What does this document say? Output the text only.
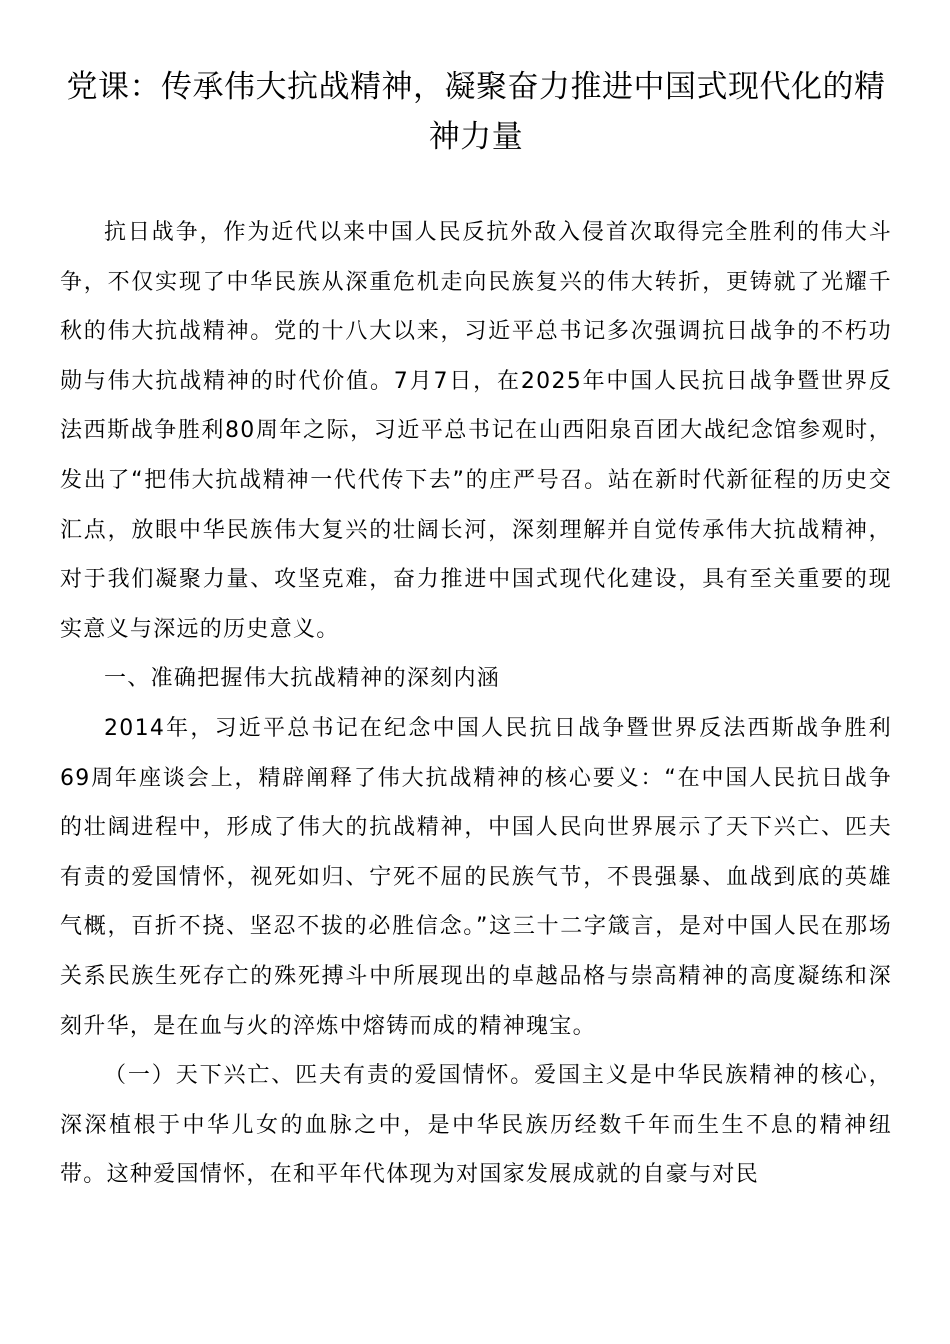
党课：传承伟大抗战精神，凝聚奋力推进中国式现代化的精神力量

抗日战争，作为近代以来中国人民反抗外敌入侵首次取得完全胜利的伟大斗争，不仅实现了中华民族从深重危机走向民族复兴的伟大转折，更铸就了光耀千秋的伟大抗战精神。党的十八大以来，习近平总书记多次强调抗日战争的不朽功勋与伟大抗战精神的时代价值。7月7日，在2025年中国人民抗日战争暨世界反法西斯战争胜利80周年之际，习近平总书记在山西阳泉百团大战纪念馆参观时，发出了“把伟大抗战精神一代代传下去”的庄严号召。站在新时代新征程的历史交汇点，放眼中华民族伟大复兴的壮阔长河，深刻理解并自觉传承伟大抗战精神，对于我们凝聚力量、攻坚克难，奋力推进中国式现代化建设，具有至关重要的现实意义与深远的历史意义。

一、准确把握伟大抗战精神的深刻内涵

2014年，习近平总书记在纪念中国人民抗日战争暨世界反法西斯战争胜利69周年座谈会上，精辟阐释了伟大抗战精神的核心要义：“在中国人民抗日战争的壮阔进程中，形成了伟大的抗战精神，中国人民向世界展示了天下兴亡、匹夫有责的爱国情怀，视死如归、宁死不屈的民族气节，不畏强暴、血战到底的英雄气概，百折不挠、坚忍不拔的必胜信念。”这三十二字箴言，是对中国人民在那场关系民族生死存亡的殊死搏斗中所展现出的卓越品格与崇高精神的高度凝练和深刻升华，是在血与火的淬炼中熔铸而成的精神瑰宝。

（一）天下兴亡、匹夫有责的爱国情怀。爱国主义是中华民族精神的核心，深深植根于中华儿女的血脉之中，是中华民族历经数千年而生生不息的精神纽带。这种爱国情怀，在和平年代体现为对国家发展成就的自豪与对民
